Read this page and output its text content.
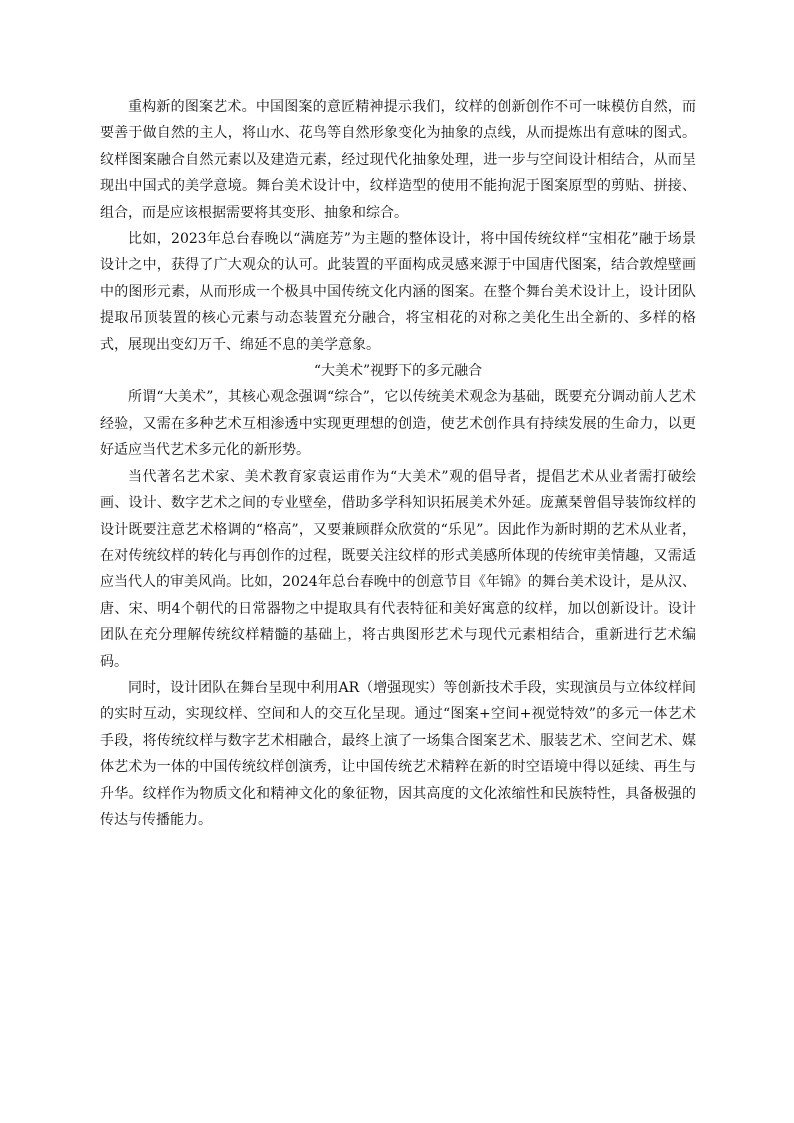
重构新的图案艺术。中国图案的意匠精神提示我们，纹样的创新创作不可一味模仿自然，而要善于做自然的主人，将山水、花鸟等自然形象变化为抽象的点线，从而提炼出有意味的图式。纹样图案融合自然元素以及建造元素，经过现代化抽象处理，进一步与空间设计相结合，从而呈现出中国式的美学意境。舞台美术设计中，纹样造型的使用不能拘泥于图案原型的剪贴、拼接、组合，而是应该根据需要将其变形、抽象和综合。

比如，2023年总台春晚以“满庭芳”为主题的整体设计，将中国传统纹样“宝相花”融于场景设计之中，获得了广大观众的认可。此装置的平面构成灵感来源于中国唐代图案，结合敦煌壁画中的图形元素，从而形成一个极具中国传统文化内涵的图案。在整个舞台美术设计上，设计团队提取吊顶装置的核心元素与动态装置充分融合，将宝相花的对称之美化生出全新的、多样的格式，展现出变幻万千、绵延不息的美学意象。

“大美术”视野下的多元融合

所谓“大美术”，其核心观念强调“综合”，它以传统美术观念为基础，既要充分调动前人艺术经验，又需在多种艺术互相渗透中实现更理想的创造，使艺术创作具有持续发展的生命力，以更好适应当代艺术多元化的新形势。

当代著名艺术家、美术教育家袁运甫作为“大美术”观的倡导者，提倡艺术从业者需打破绘画、设计、数字艺术之间的专业壁垒，借助多学科知识拓展美术外延。庞薰琹曾倡导装饰纹样的设计既要注意艺术格调的“格高”，又要兼顾群众欣赏的“乐见”。因此作为新时期的艺术从业者，在对传统纹样的转化与再创作的过程，既要关注纹样的形式美感所体现的传统审美情趣，又需适应当代人的审美风尚。比如，2024年总台春晚中的创意节目《年锦》的舞台美术设计，是从汉、唐、宋、明4个朝代的日常器物之中提取具有代表特征和美好寓意的纹样，加以创新设计。设计团队在充分理解传统纹样精髓的基础上，将古典图形艺术与现代元素相结合，重新进行艺术编码。

同时，设计团队在舞台呈现中利用AR（增强现实）等创新技术手段，实现演员与立体纹样间的实时互动，实现纹样、空间和人的交互化呈现。通过“图案+空间+视觉特效”的多元一体艺术手段，将传统纹样与数字艺术相融合，最终上演了一场集合图案艺术、服装艺术、空间艺术、媒体艺术为一体的中国传统纹样创演秀，让中国传统艺术精粹在新的时空语境中得以延续、再生与升华。纹样作为物质文化和精神文化的象征物，因其高度的文化浓缩性和民族特性，具备极强的传达与传播能力。
